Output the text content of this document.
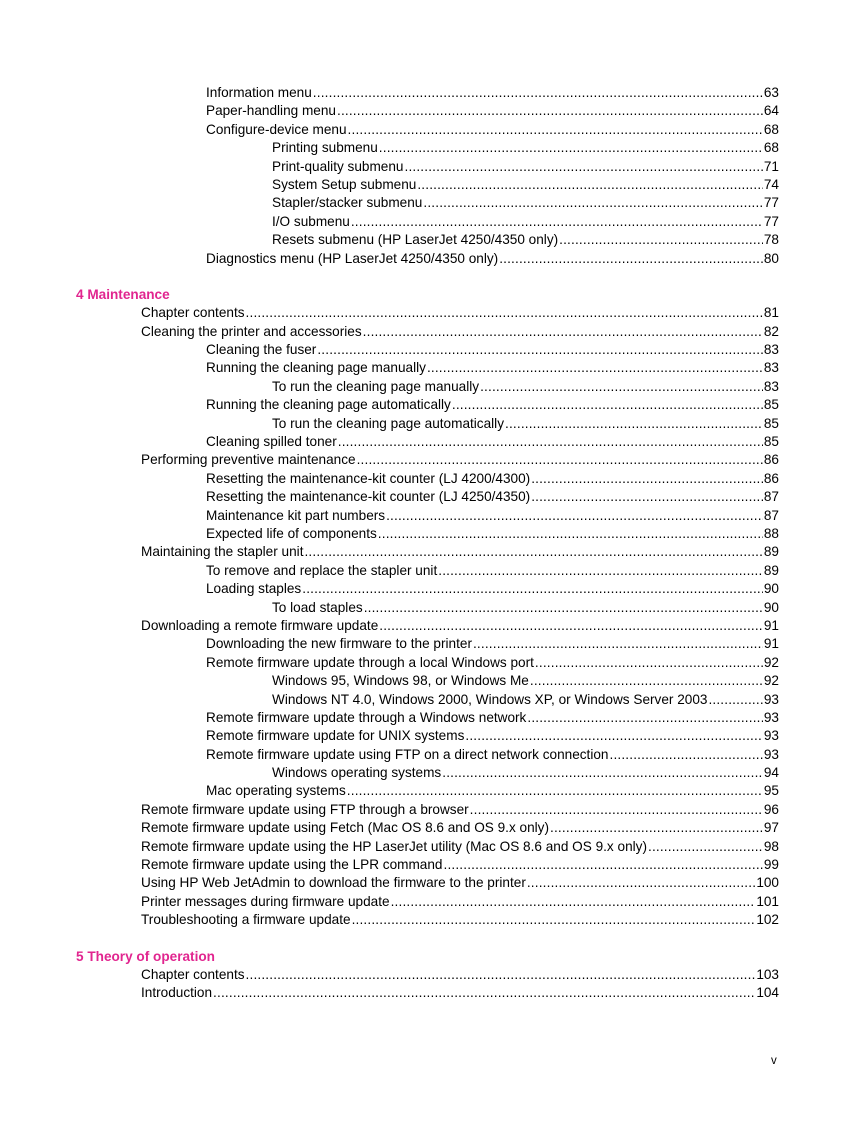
Information menu . . .	63
Paper-handling menu . . .	64
Configure-device menu . . .	68
Printing submenu . . .	68
Print-quality submenu . . .	71
System Setup submenu . . .	74
Stapler/stacker submenu . . .	77
I/O submenu . . .	77
Resets submenu (HP LaserJet 4250/4350 only) . . .	78
Diagnostics menu (HP LaserJet 4250/4350 only) . . .	80
4 Maintenance
Chapter contents . . .	81
Cleaning the printer and accessories . . .	82
Cleaning the fuser . . .	83
Running the cleaning page manually . . .	83
To run the cleaning page manually . . .	83
Running the cleaning page automatically . . .	85
To run the cleaning page automatically . . .	85
Cleaning spilled toner . . .	85
Performing preventive maintenance . . .	86
Resetting the maintenance-kit counter (LJ 4200/4300) . . .	86
Resetting the maintenance-kit counter (LJ 4250/4350) . . .	87
Maintenance kit part numbers . . .	87
Expected life of components . . .	88
Maintaining the stapler unit . . .	89
To remove and replace the stapler unit . . .	89
Loading staples . . .	90
To load staples . . .	90
Downloading a remote firmware update . . .	91
Downloading the new firmware to the printer . . .	91
Remote firmware update through a local Windows port . . .	92
Windows 95, Windows 98, or Windows Me . . .	92
Windows NT 4.0, Windows 2000, Windows XP, or Windows Server 2003 . . .	93
Remote firmware update through a Windows network . . .	93
Remote firmware update for UNIX systems . . .	93
Remote firmware update using FTP on a direct network connection . . .	93
Windows operating systems . . .	94
Mac operating systems . . .	95
Remote firmware update using FTP through a browser . . .	96
Remote firmware update using Fetch (Mac OS 8.6 and OS 9.x only) . . .	97
Remote firmware update using the HP LaserJet utility (Mac OS 8.6 and OS 9.x only) . . .	98
Remote firmware update using the LPR command . . .	99
Using HP Web JetAdmin to download the firmware to the printer . . .	100
Printer messages during firmware update . . .	101
Troubleshooting a firmware update . . .	102
5 Theory of operation
Chapter contents . . .	103
Introduction . . .	104
v
